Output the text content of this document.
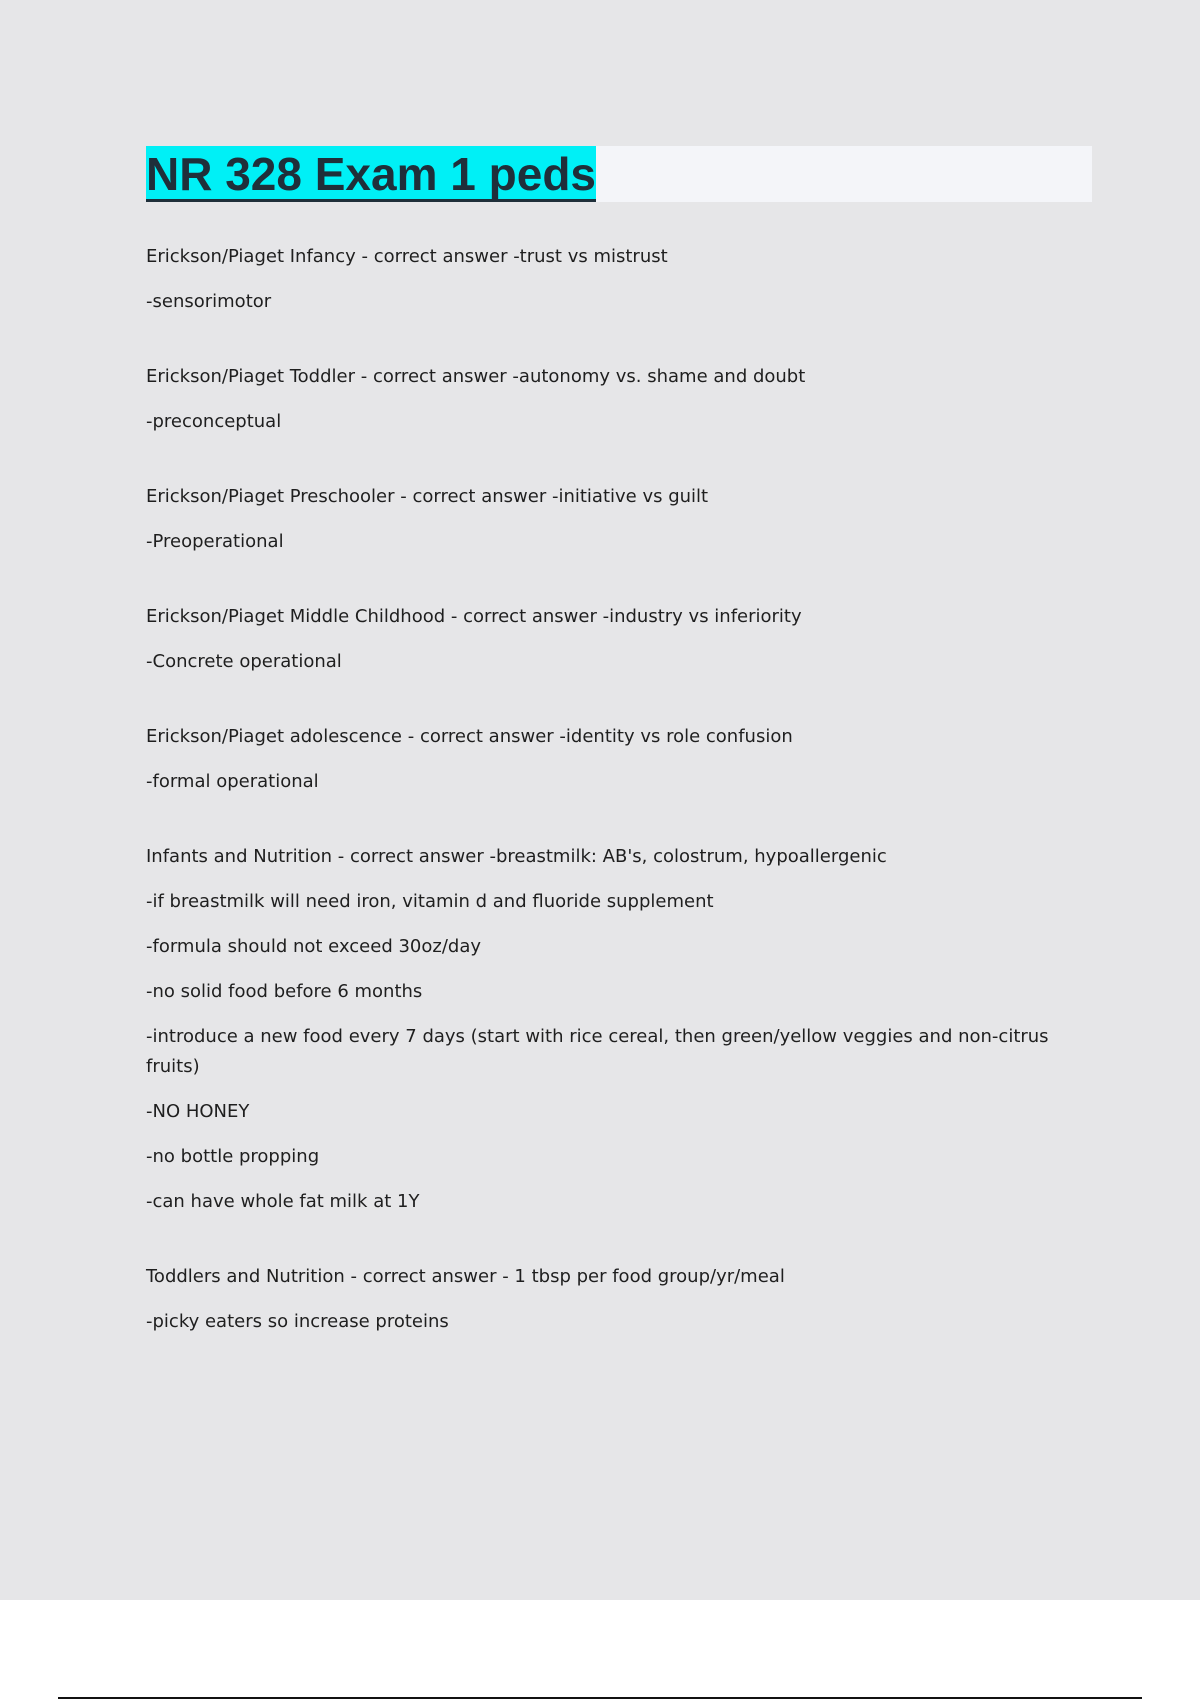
NR 328 Exam 1 peds

Erickson/Piaget Infancy - correct answer -trust vs mistrust

-sensorimotor

Erickson/Piaget Toddler - correct answer -autonomy vs. shame and doubt

-preconceptual

Erickson/Piaget Preschooler - correct answer -initiative vs guilt

-Preoperational

Erickson/Piaget Middle Childhood - correct answer -industry vs inferiority

-Concrete operational

Erickson/Piaget adolescence - correct answer -identity vs role confusion

-formal operational

Infants and Nutrition - correct answer -breastmilk: AB's, colostrum, hypoallergenic

-if breastmilk will need iron, vitamin d and fluoride supplement

-formula should not exceed 30oz/day

-no solid food before 6 months

-introduce a new food every 7 days (start with rice cereal, then green/yellow veggies and non-citrus fruits)

-NO HONEY

-no bottle propping

-can have whole fat milk at 1Y

Toddlers and Nutrition - correct answer - 1 tbsp per food group/yr/meal

-picky eaters so increase proteins
